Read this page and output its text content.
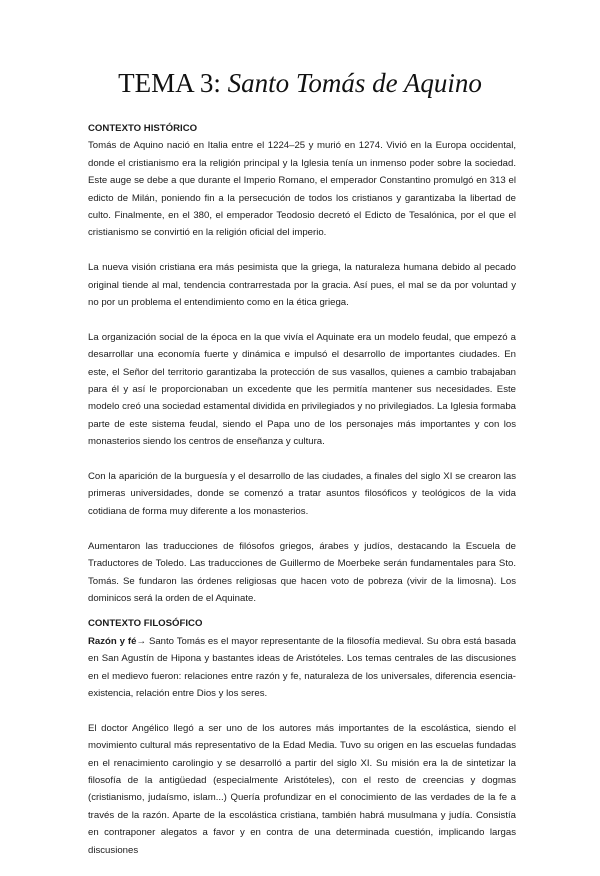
TEMA 3: Santo Tomás de Aquino
CONTEXTO HISTÓRICO

Tomás de Aquino nació en Italia entre el 1224–25 y murió en 1274. Vivió en la Europa occidental, donde el cristianismo era la religión principal y la Iglesia tenía un inmenso poder sobre la sociedad. Este auge se debe a que durante el Imperio Romano, el emperador Constantino promulgó en 313 el edicto de Milán, poniendo fin a la persecución de todos los cristianos y garantizaba la libertad de culto. Finalmente, en el 380, el emperador Teodosio decretó el Edicto de Tesalónica, por el que el cristianismo se convirtió en la religión oficial del imperio.

La nueva visión cristiana era más pesimista que la griega, la naturaleza humana debido al pecado original tiende al mal, tendencia contrarrestada por la gracia. Así pues, el mal se da por voluntad y no por un problema el entendimiento como en la ética griega.

La organización social de la época en la que vivía el Aquinate era un modelo feudal, que empezó a desarrollar una economía fuerte y dinámica e impulsó el desarrollo de importantes ciudades. En este, el Señor del territorio garantizaba la protección de sus vasallos, quienes a cambio trabajaban para él y así le proporcionaban un excedente que les permitía mantener sus necesidades. Este modelo creó una sociedad estamental dividida en privilegiados y no privilegiados. La Iglesia formaba parte de este sistema feudal, siendo el Papa uno de los personajes más importantes y con los monasterios siendo los centros de enseñanza y cultura.

Con la aparición de la burguesía y el desarrollo de las ciudades, a finales del siglo XI se crearon las primeras universidades, donde se comenzó a tratar asuntos filosóficos y teológicos de la vida cotidiana de forma muy diferente a los monasterios.

Aumentaron las traducciones de filósofos griegos, árabes y judíos, destacando la Escuela de Traductores de Toledo. Las traducciones de Guillermo de Moerbeke serán fundamentales para Sto. Tomás. Se fundaron las órdenes religiosas que hacen voto de pobreza (vivir de la limosna). Los dominicos será la orden de el Aquinate.

CONTEXTO FILOSÓFICO

Razón y fé→ Santo Tomás es el mayor representante de la filosofía medieval. Su obra está basada en San Agustín de Hipona y bastantes ideas de Aristóteles. Los temas centrales de las discusiones en el medievo fueron: relaciones entre razón y fe, naturaleza de los universales, diferencia esencia-existencia, relación entre Dios y los seres.

El doctor Angélico llegó a ser uno de los autores más importantes de la escolástica, siendo el movimiento cultural más representativo de la Edad Media. Tuvo su origen en las escuelas fundadas en el renacimiento carolingio y se desarrolló a partir del siglo XI. Su misión era la de sintetizar la filosofía de la antigüedad (especialmente Aristóteles), con el resto de creencias y dogmas (cristianismo, judaísmo, islam...) Quería profundizar en el conocimiento de las verdades de la fe a través de la razón. Aparte de la escolástica cristiana, también habrá musulmana y judía. Consistía en contraponer alegatos a favor y en contra de una determinada cuestión, implicando largas discusiones
